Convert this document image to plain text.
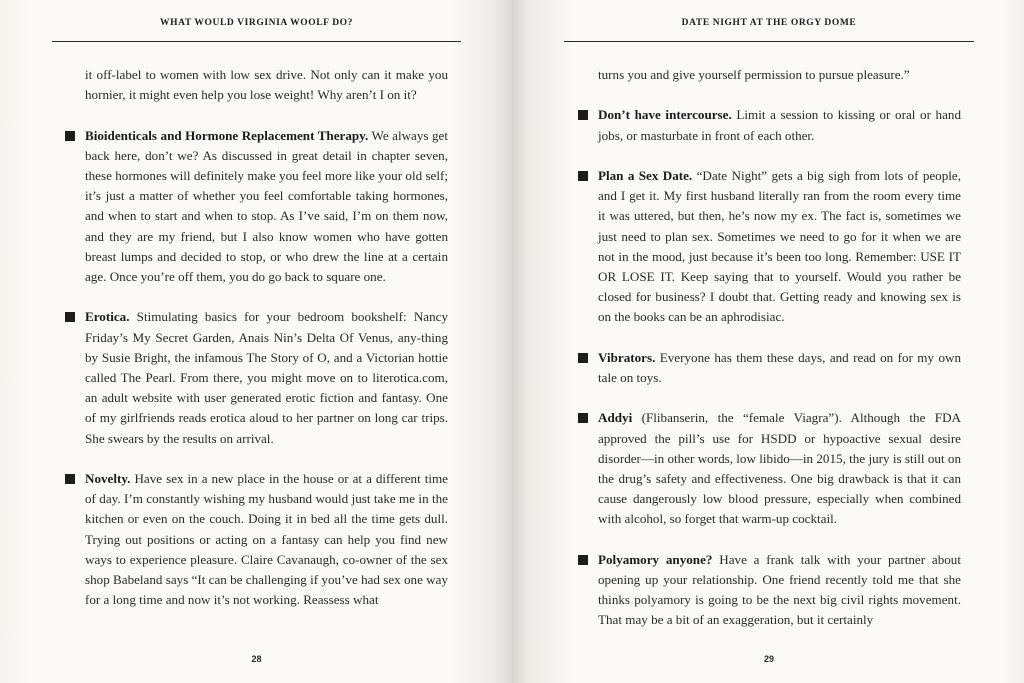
WHAT WOULD VIRGINIA WOOLF DO?

it off-label to women with low sex drive. Not only can it make you hornier, it might even help you lose weight! Why aren’t I on it?

Bioidenticals and Hormone Replacement Therapy. We always get back here, don’t we? As discussed in great detail in chapter seven, these hormones will definitely make you feel more like your old self; it’s just a matter of whether you feel comfortable taking hormones, and when to start and when to stop. As I’ve said, I’m on them now, and they are my friend, but I also know women who have gotten breast lumps and decided to stop, or who drew the line at a certain age. Once you’re off them, you do go back to square one.

Erotica. Stimulating basics for your bedroom bookshelf: Nancy Friday’s My Secret Garden, Anais Nin’s Delta Of Venus, any-thing by Susie Bright, the infamous The Story of O, and a Victorian hottie called The Pearl. From there, you might move on to literotica.com, an adult website with user generated erotic fiction and fantasy. One of my girlfriends reads erotica aloud to her partner on long car trips. She swears by the results on arrival.

Novelty. Have sex in a new place in the house or at a different time of day. I’m constantly wishing my husband would just take me in the kitchen or even on the couch. Doing it in bed all the time gets dull. Trying out positions or acting on a fantasy can help you find new ways to experience pleasure. Claire Cavanaugh, co-owner of the sex shop Babeland says “It can be challenging if you’ve had sex one way for a long time and now it’s not working. Reassess what

28
DATE NIGHT AT THE ORGY DOME

turns you and give yourself permission to pursue pleasure.”

Don’t have intercourse. Limit a session to kissing or oral or hand jobs, or masturbate in front of each other.

Plan a Sex Date. “Date Night” gets a big sigh from lots of people, and I get it. My first husband literally ran from the room every time it was uttered, but then, he’s now my ex. The fact is, sometimes we just need to plan sex. Sometimes we need to go for it when we are not in the mood, just because it’s been too long. Remember: USE IT OR LOSE IT. Keep saying that to yourself. Would you rather be closed for business? I doubt that. Getting ready and knowing sex is on the books can be an aphrodisiac.

Vibrators. Everyone has them these days, and read on for my own tale on toys.

Addyi (Flibanserin, the “female Viagra”). Although the FDA approved the pill’s use for HSDD or hypoactive sexual desire disorder—in other words, low libido—in 2015, the jury is still out on the drug’s safety and effectiveness. One big drawback is that it can cause dangerously low blood pressure, especially when combined with alcohol, so forget that warm-up cocktail.

Polyamory anyone? Have a frank talk with your partner about opening up your relationship. One friend recently told me that she thinks polyamory is going to be the next big civil rights movement. That may be a bit of an exaggeration, but it certainly

29
